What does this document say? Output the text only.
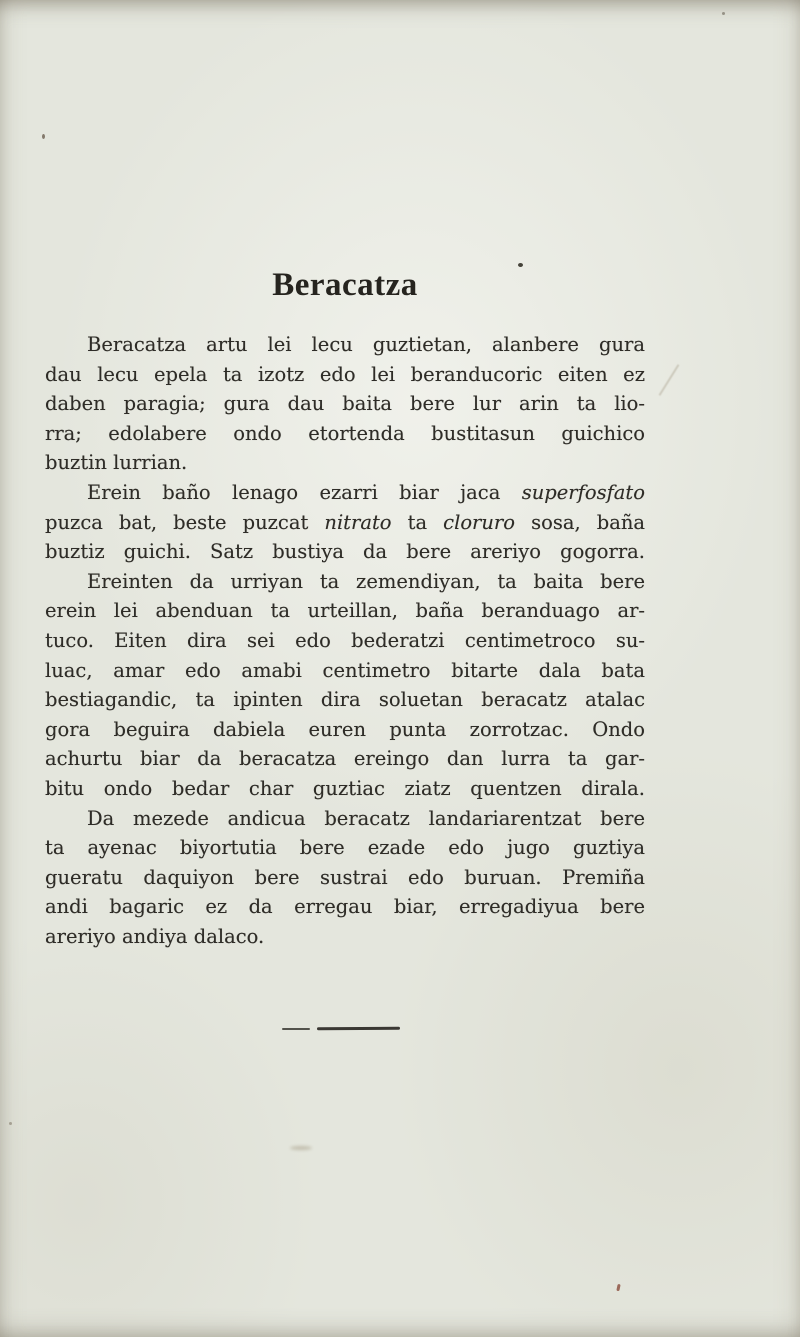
Beracatza
Beracatza artu lei lecu guztietan, alanbere gura
dau lecu epela ta izotz edo lei beranducoric eiten ez
daben paragia; gura dau baita bere lur arin ta lio-
rra; edolabere ondo etortenda bustitasun guichico
buztin lurrian.
Erein baño lenago ezarri biar jaca superfosfato
puzca bat, beste puzcat nitrato ta cloruro sosa, baña
buztiz guichi. Satz bustiya da bere areriyo gogorra.
Ereinten da urriyan ta zemendiyan, ta baita bere
erein lei abenduan ta urteillan, baña beranduago ar-
tuco. Eiten dira sei edo bederatzi centimetroco su-
luac, amar edo amabi centimetro bitarte dala bata
bestiagandic, ta ipinten dira soluetan beracatz atalac
gora beguira dabiela euren punta zorrotzac. Ondo
achurtu biar da beracatza ereingo dan lurra ta gar-
bitu ondo bedar char guztiac ziatz quentzen dirala.
Da mezede andicua beracatz landariarentzat bere
ta ayenac biyortutia bere ezade edo jugo guztiya
gueratu daquiyon bere sustrai edo buruan. Premiña
andi bagaric ez da erregau biar, erregadiyua bere
areriyo andiya dalaco.
